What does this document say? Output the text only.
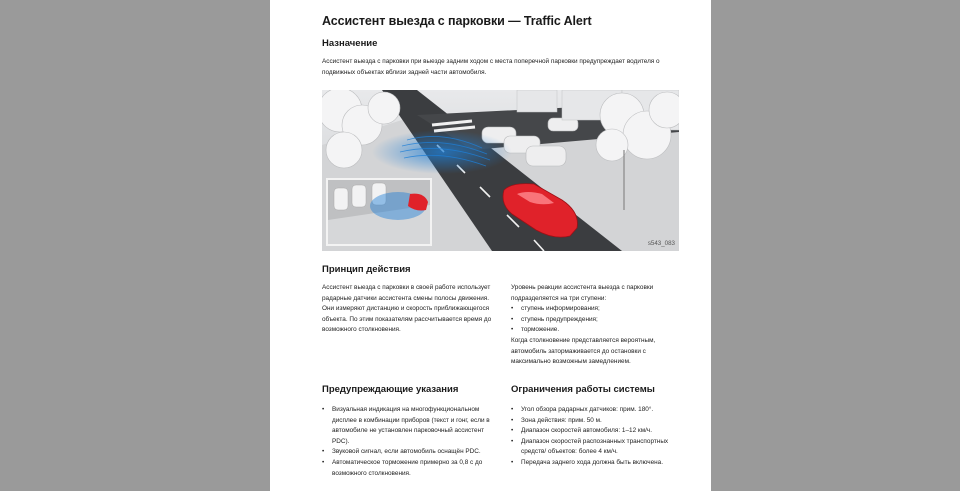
Ассистент выезда с парковки — Traffic Alert
Назначение
Ассистент выезда с парковки при выезде задним ходом с места поперечной парковки предупреждает водителя о подвижных объектах вблизи задней части автомобиля.
s543_083
Принцип действия
Ассистент выезда с парковки в своей работе использует радарные датчики ассистента смены полосы движения. Они измеряют дистанцию и скорость приближающегося объекта. По этим показателям рассчитывается время до возможного столкновения.

Уровень реакции ассистента выезда с парковки подразделяется на три ступени:

• ступень информирования;
• ступень предупреждения;
• торможение.

Когда столкновение представляется вероятным, автомобиль затормаживается до остановки с максимально возможным замедлением.

Предупреждающие указания
• Визуальная индикация на многофункциональном дисплее в комбинации приборов (текст и гонг, если в автомобиле не установлен парковочный ассистент PDC).
• Звуковой сигнал, если автомобиль оснащён PDC.
• Автоматическое торможение примерно за 0,8 с до возможного столкновения.
Ограничения работы системы
• Угол обзора радарных датчиков: прим. 180°.
• Зона действия: прим. 50 м.
• Диапазон скоростей автомобиля: 1–12 км/ч.
• Диапазон скоростей распознанных транспортных средств/ объектов: более 4 км/ч.
• Передача заднего хода должна быть включена.
